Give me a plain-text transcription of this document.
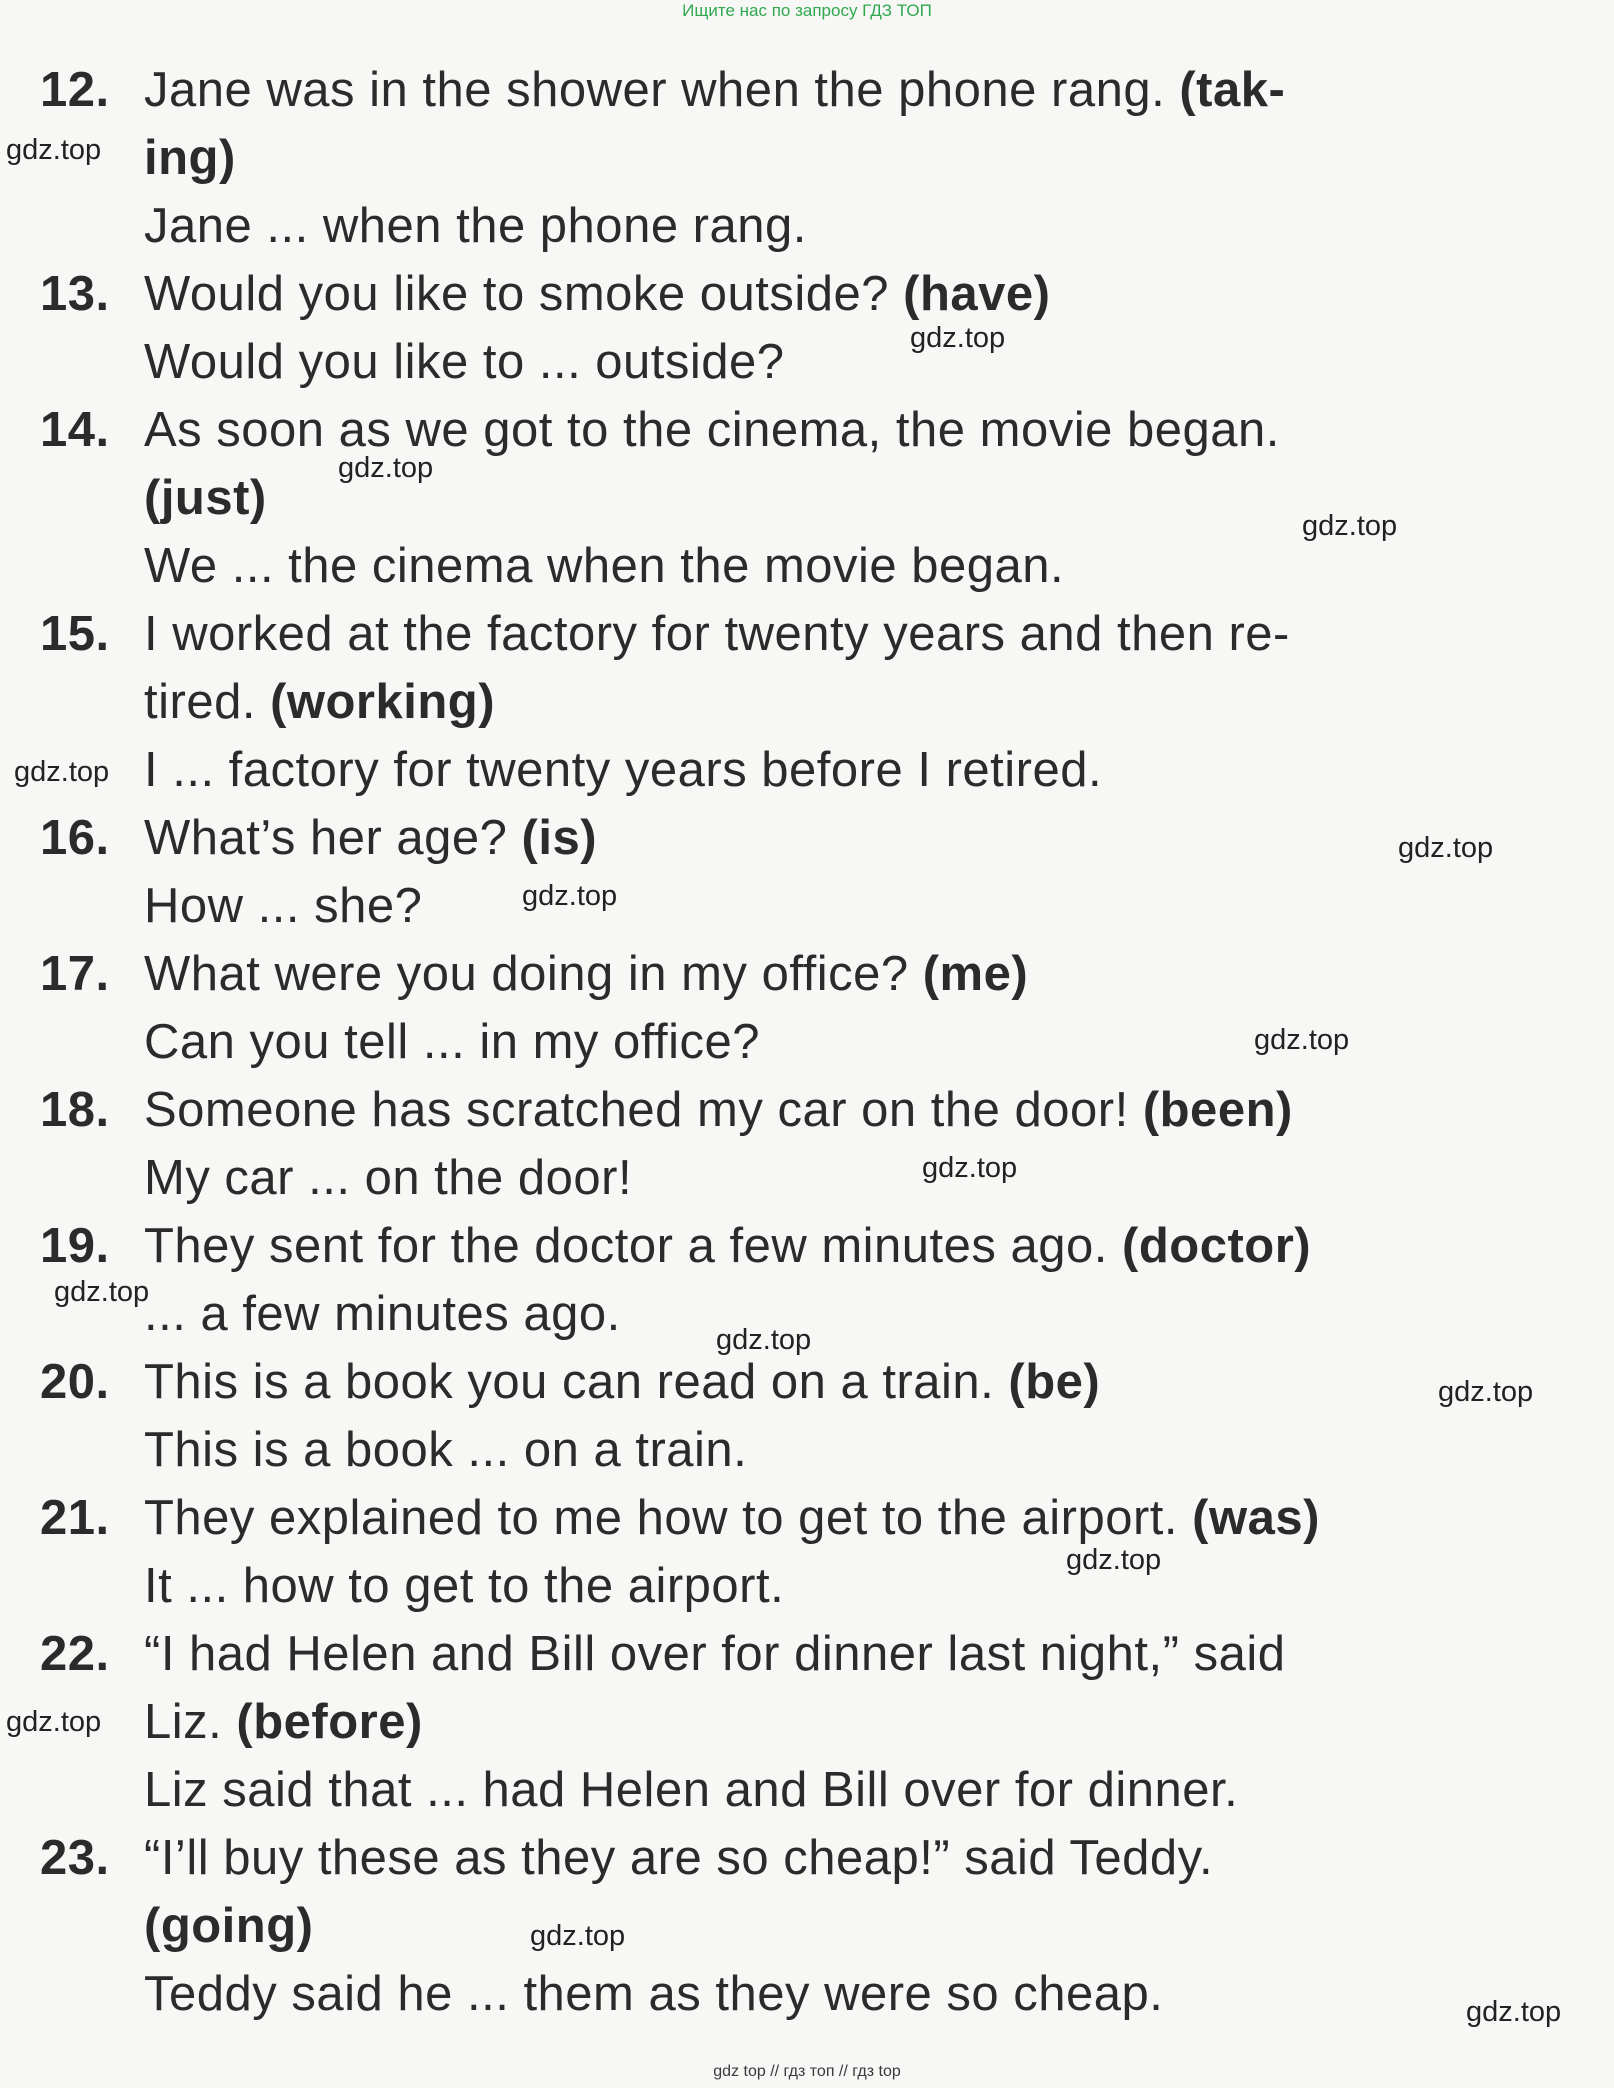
Ищите нас по запросу ГДЗ ТОП
12. Jane was in the shower when the phone rang. (tak-
ing)
Jane ... when the phone rang.
13. Would you like to smoke outside? (have)
Would you like to ... outside?
14. As soon as we got to the cinema, the movie began.
(just)
We ... the cinema when the movie began.
15. I worked at the factory for twenty years and then re-
tired. (working)
I ... factory for twenty years before I retired.
16. What’s her age? (is)
How ... she?
17. What were you doing in my office? (me)
Can you tell ... in my office?
18. Someone has scratched my car on the door! (been)
My car ... on the door!
19. They sent for the doctor a few minutes ago. (doctor)
... a few minutes ago.
20. This is a book you can read on a train. (be)
This is a book ... on a train.
21. They explained to me how to get to the airport. (was)
It ... how to get to the airport.
22. “I had Helen and Bill over for dinner last night,” said
Liz. (before)
Liz said that ... had Helen and Bill over for dinner.
23. “I’ll buy these as they are so cheap!” said Teddy.
(going)
Teddy said he ... them as they were so cheap.
gdz.top
gdz.top
gdz.top
gdz.top
gdz.top
gdz.top
gdz.top
gdz.top
gdz.top
gdz.top
gdz.top
gdz.top
gdz.top
gdz.top
gdz.top
gdz.top
gdz top // гдз топ // гдз top
